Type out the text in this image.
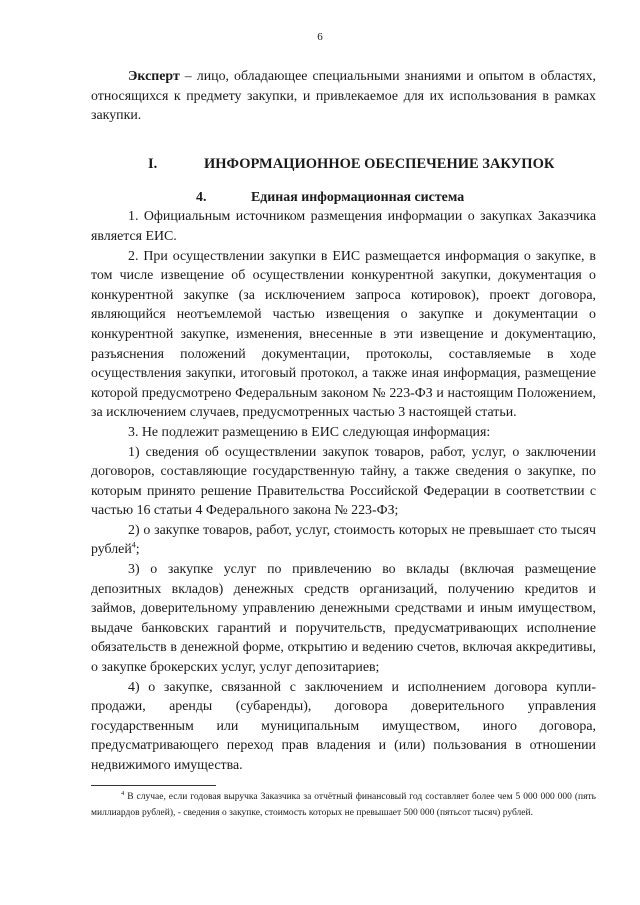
6

Эксперт – лицо, обладающее специальными знаниями и опытом в областях, относящихся к предмету закупки, и привлекаемое для их использования в рамках закупки.

I.	ИНФОРМАЦИОННОЕ ОБЕСПЕЧЕНИЕ ЗАКУПОК
4.	Единая информационная система

1. Официальным источником размещения информации о закупках Заказчика является ЕИС.

2. При осуществлении закупки в ЕИС размещается информация о закупке, в том числе извещение об осуществлении конкурентной закупки, документация о конкурентной закупке (за исключением запроса котировок), проект договора, являющийся неотъемлемой частью извещения о закупке и документации о конкурентной закупке, изменения, внесенные в эти извещение и документацию, разъяснения положений документации, протоколы, составляемые в ходе осуществления закупки, итоговый протокол, а также иная информация, размещение которой предусмотрено Федеральным законом № 223-ФЗ и настоящим Положением, за исключением случаев, предусмотренных частью 3 настоящей статьи.

3. Не подлежит размещению в ЕИС следующая информация:

1) сведения об осуществлении закупок товаров, работ, услуг, о заключении договоров, составляющие государственную тайну, а также сведения о закупке, по которым принято решение Правительства Российской Федерации в соответствии с частью 16 статьи 4 Федерального закона № 223-ФЗ;

2) о закупке товаров, работ, услуг, стоимость которых не превышает сто тысяч рублей$^4$;

3) о закупке услуг по привлечению во вклады (включая размещение депозитных вкладов) денежных средств организаций, получению кредитов и займов, доверительному управлению денежными средствами и иным имуществом, выдаче банковских гарантий и поручительств, предусматривающих исполнение обязательств в денежной форме, открытию и ведению счетов, включая аккредитивы, о закупке брокерских услуг, услуг депозитариев;

4) о закупке, связанной с заключением и исполнением договора купли-продажи, аренды (субаренды), договора доверительного управления государственным или муниципальным имуществом, иного договора, предусматривающего переход прав владения и (или) пользования в отношении недвижимого имущества.

$^4$ В случае, если годовая выручка Заказчика за отчётный финансовый год составляет более чем 5 000 000 000 (пять миллиардов рублей), - сведения о закупке, стоимость которых не превышает 500 000 (пятьсот тысяч) рублей.
